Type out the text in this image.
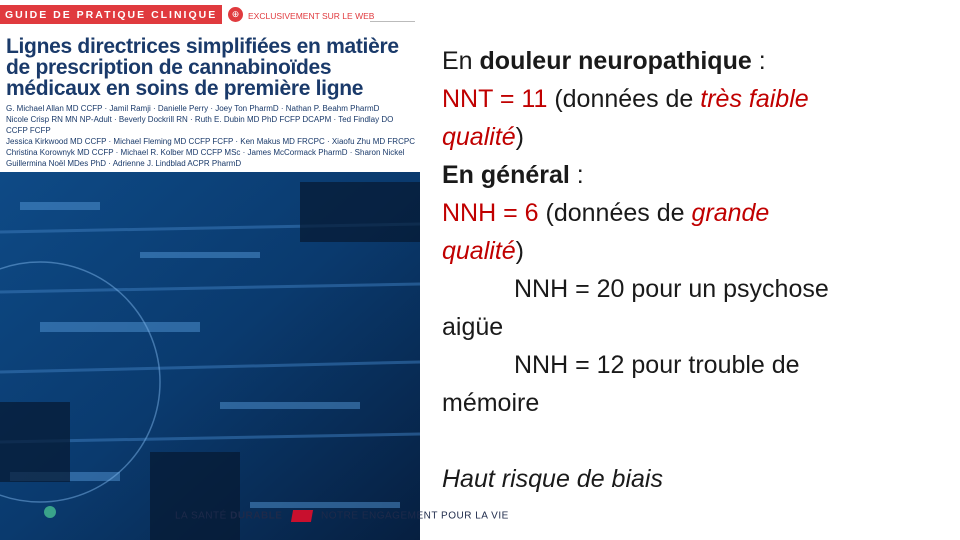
GUIDE DE PRATIQUE CLINIQUE	⊕	EXCLUSIVEMENT SUR LE WEB
Lignes directrices simplifiées en matière de prescription de cannabinoïdes médicaux en soins de première ligne
G. Michael Allan MD CCFP · Jamil Ramji · Danielle Perry · Joey Ton PharmD · Nathan P. Beahm PharmD
Nicole Crisp RN MN NP-Adult · Beverly Dockrill RN · Ruth E. Dubin MD PhD FCFP DCAPM · Ted Findlay DO CCFP FCFP
Jessica Kirkwood MD CCFP · Michael Fleming MD CCFP FCFP · Ken Makus MD FRCPC · Xiaofu Zhu MD FRCPC
Christina Korownyk MD CCFP · Michael R. Kolber MD CCFP MSc · James McCormack PharmD · Sharon Nickel
Guillermina Noël MDes PhD · Adrienne J. Lindblad ACPR PharmD
LA SANTÉ DURABLE	NOTRE ENGAGEMENT POUR LA VIE
En douleur neuropathique :
NNT = 11 (données de très faible
qualité)
En général :
NNH = 6 (données de grande
qualité)
NNH = 20 pour un psychose
aigüe
NNH = 12 pour trouble de
mémoire
Haut risque de biais
